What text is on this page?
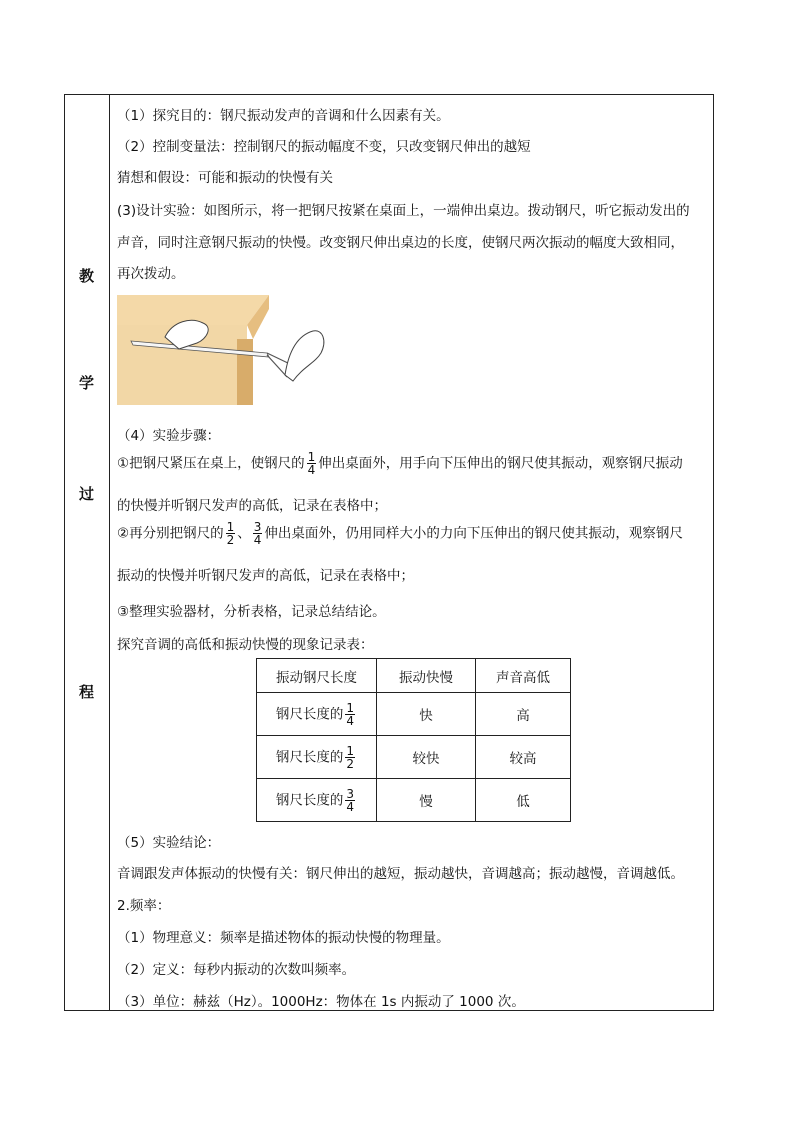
教
学
过
程
（1）探究目的：钢尺振动发声的音调和什么因素有关。
（2）控制变量法：控制钢尺的振动幅度不变，只改变钢尺伸出的越短
猜想和假设：可能和振动的快慢有关
(3)设计实验：如图所示，将一把钢尺按紧在桌面上，一端伸出桌边。拨动钢尺，听它振动发出的
声音，同时注意钢尺振动的快慢。改变钢尺伸出桌边的长度，使钢尺两次振动的幅度大致相同，
再次拨动。
（4）实验步骤：
①把钢尺紧压在桌上，使钢尺的 $\frac{1}{4}$ 伸出桌面外，用手向下压伸出的钢尺使其振动，观察钢尺振动
的快慢并听钢尺发声的高低，记录在表格中；
②再分别把钢尺的 $\frac{1}{2}$ 、 $\frac{3}{4}$ 伸出桌面外，仍用同样大小的力向下压伸出的钢尺使其振动，观察钢尺
振动的快慢并听钢尺发声的高低，记录在表格中；
③整理实验器材，分析表格，记录总结结论。
探究音调的高低和振动快慢的现象记录表：
振动钢尺长度	振动快慢	声音高低
钢尺长度的 $\frac{1}{4}$	快	高
钢尺长度的 $\frac{1}{2}$	较快	较高
钢尺长度的 $\frac{3}{4}$	慢	低
（5）实验结论：
音调跟发声体振动的快慢有关：钢尺伸出的越短，振动越快，音调越高；振动越慢，音调越低。
2.频率：
（1）物理意义：频率是描述物体的振动快慢的物理量。
（2）定义：每秒内振动的次数叫频率。
（3）单位：赫兹（Hz）。1000Hz：物体在 1s 内振动了 1000 次。
